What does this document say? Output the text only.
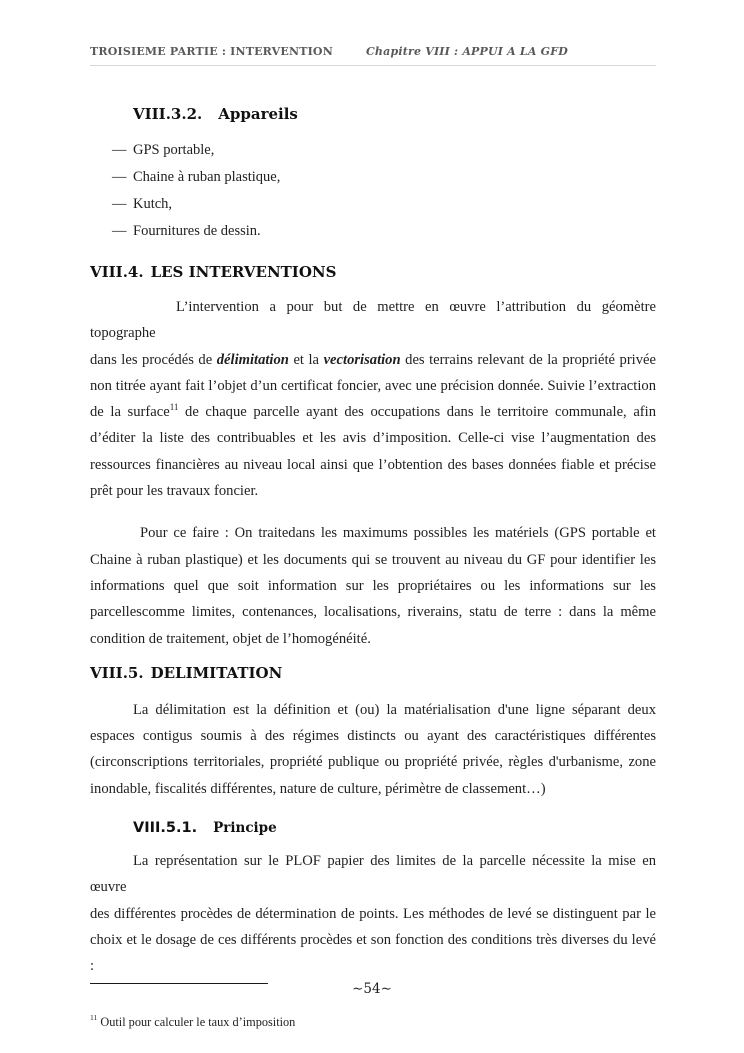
TROISIEME PARTIE : INTERVENTION	Chapitre VIII : APPUI A LA GFD
VIII.3.2. Appareils
— GPS portable,
— Chaine à ruban plastique,
— Kutch,
— Fournitures de dessin.
VIII.4. LES INTERVENTIONS
L’intervention a pour but de mettre en œuvre l’attribution du géomètre topographe
dans les procédés de délimitation et la vectorisation des terrains relevant de la propriété privée
non titrée ayant fait l’objet d’un certificat foncier, avec une précision donnée. Suivie l’extraction
de la surface$^{11}$ de chaque parcelle ayant des occupations dans le territoire communale, afin
d’éditer la liste des contribuables et les avis d’imposition. Celle-ci vise l’augmentation des
ressources financières au niveau local ainsi que l’obtention des bases données fiable et précise
prêt pour les travaux foncier.
Pour ce faire : On traitedans les maximums possibles les matériels (GPS portable et
Chaine à ruban plastique) et les documents qui se trouvent au niveau du GF pour identifier les
informations quel que soit information sur les propriétaires ou les informations sur les
parcellescomme limites, contenances, localisations, riverains, statu de terre : dans la même
condition de traitement, objet de l’homogénéité.
VIII.5. DELIMITATION
La délimitation est la définition et (ou) la matérialisation d'une ligne séparant deux
espaces contigus soumis à des régimes distincts ou ayant des caractéristiques différentes
(circonscriptions territoriales, propriété publique ou propriété privée, règles d'urbanisme, zone
inondable, fiscalités différentes, nature de culture, périmètre de classement…)
VIII.5.1. Principe
La représentation sur le PLOF papier des limites de la parcelle nécessite la mise en œuvre
des différentes procèdes de détermination de points. Les méthodes de levé se distinguent par le
choix et le dosage de ces différents procèdes et son fonction des conditions très diverses du levé :
$^{11}$ Outil pour calculer le taux d’imposition
∼54∼
